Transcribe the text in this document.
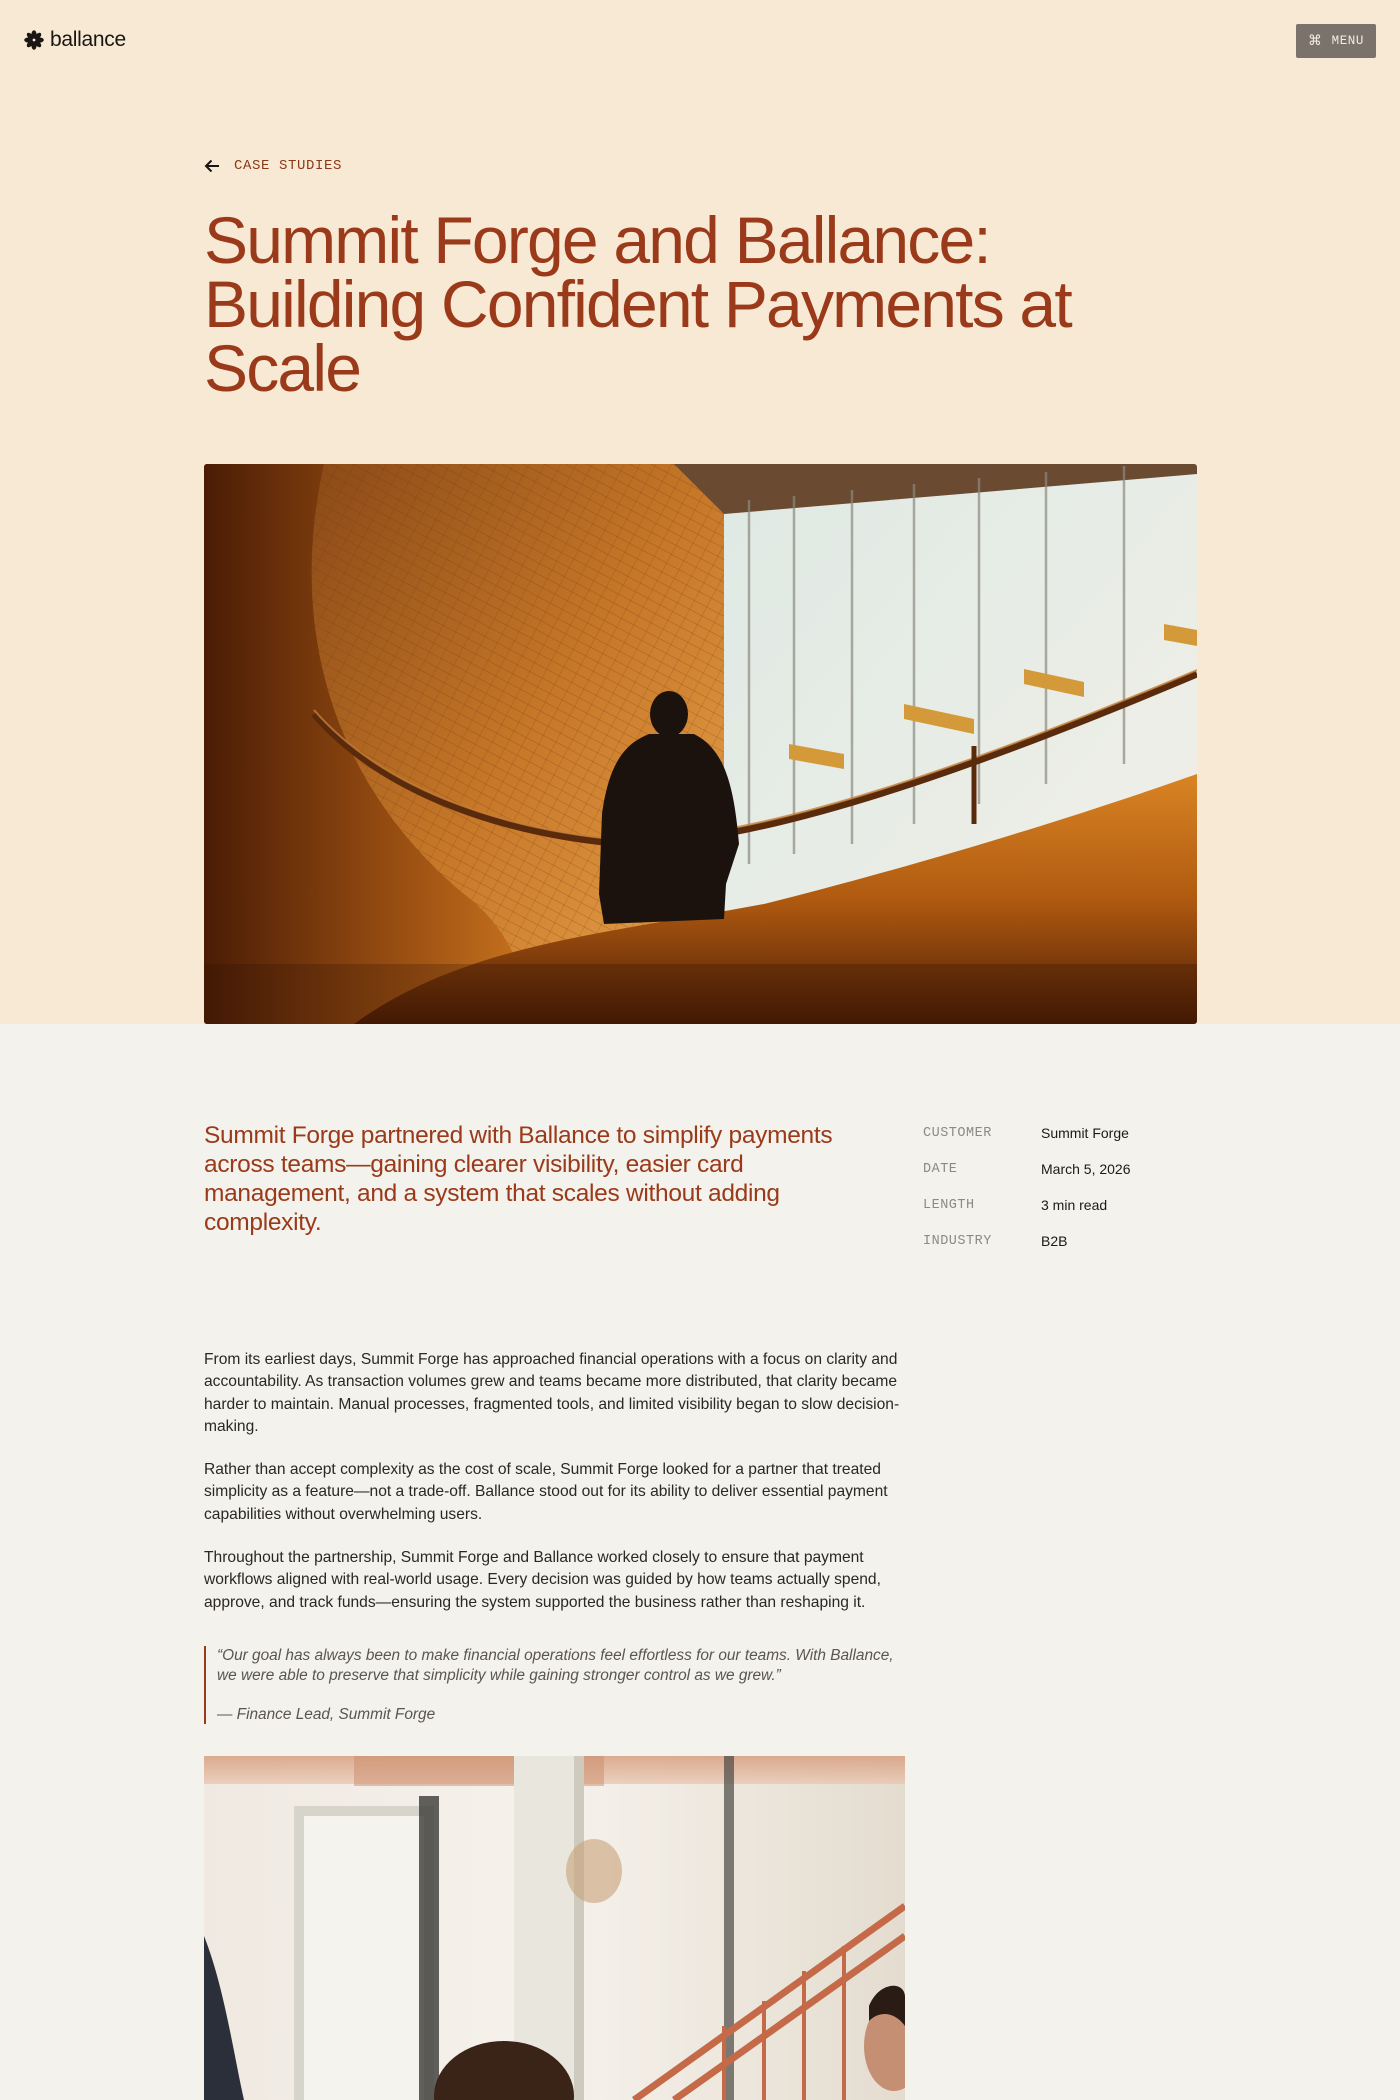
ballance	⌘ MENU
CASE STUDIES
Summit Forge and Ballance: Building Confident Payments at Scale

Summit Forge partnered with Ballance to simplify payments across teams—gaining clearer visibility, easier card management, and a system that scales without adding complexity.

CUSTOMER	Summit Forge
DATE	March 5, 2026
LENGTH	3 min read
INDUSTRY	B2B

From its earliest days, Summit Forge has approached financial operations with a focus on clarity and accountability. As transaction volumes grew and teams became more distributed, that clarity became harder to maintain. Manual processes, fragmented tools, and limited visibility began to slow decision-making.

Rather than accept complexity as the cost of scale, Summit Forge looked for a partner that treated simplicity as a feature—not a trade-off. Ballance stood out for its ability to deliver essential payment capabilities without overwhelming users.

Throughout the partnership, Summit Forge and Ballance worked closely to ensure that payment workflows aligned with real-world usage. Every decision was guided by how teams actually spend, approve, and track funds—ensuring the system supported the business rather than reshaping it.

“Our goal has always been to make financial operations feel effortless for our teams. With Ballance, we were able to preserve that simplicity while gaining stronger control as we grew.”
— Finance Lead, Summit Forge
